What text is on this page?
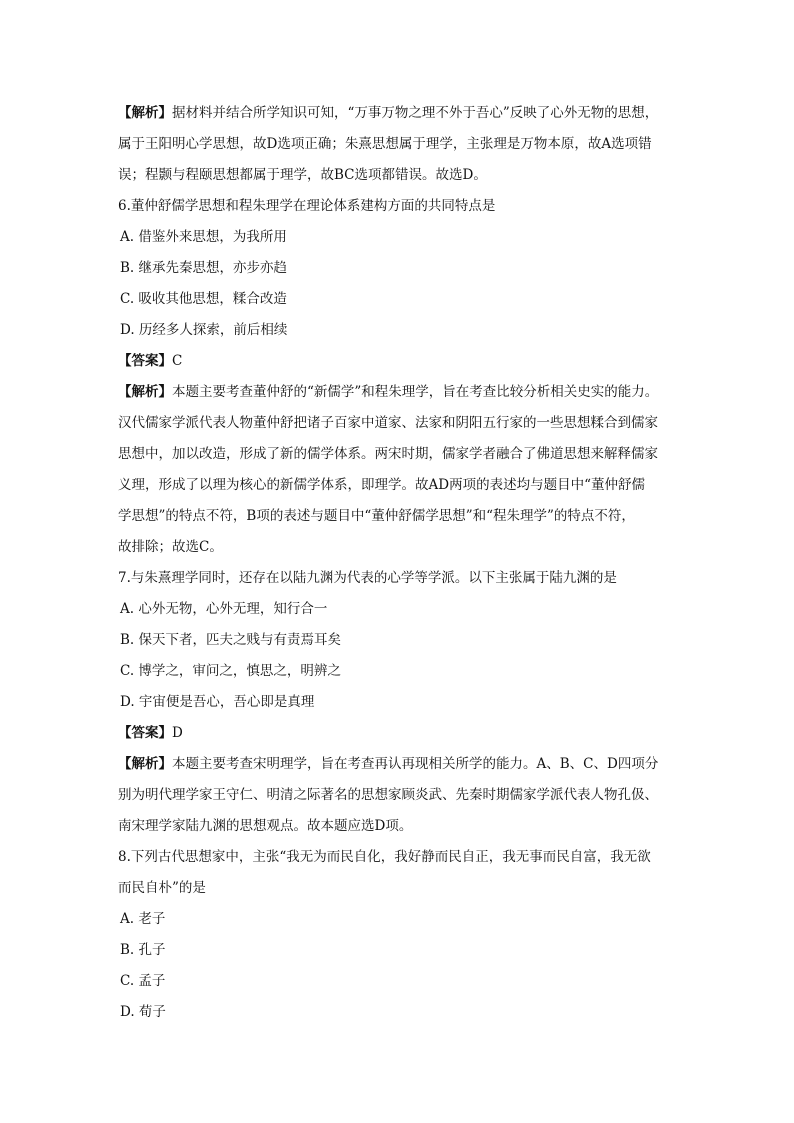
【解析】据材料并结合所学知识可知，“万事万物之理不外于吾心”反映了心外无物的思想，
属于王阳明心学思想，故D选项正确；朱熹思想属于理学，主张理是万物本原，故A选项错
误；程颢与程颐思想都属于理学，故BC选项都错误。故选D。
6.董仲舒儒学思想和程朱理学在理论体系建构方面的共同特点是
A. 借鉴外来思想，为我所用
B. 继承先秦思想，亦步亦趋
C. 吸收其他思想，糅合改造
D. 历经多人探索，前后相续
【答案】C
【解析】本题主要考查董仲舒的“新儒学”和程朱理学，旨在考查比较分析相关史实的能力。
汉代儒家学派代表人物董仲舒把诸子百家中道家、法家和阴阳五行家的一些思想糅合到儒家
思想中，加以改造，形成了新的儒学体系。两宋时期，儒家学者融合了佛道思想来解释儒家
义理，形成了以理为核心的新儒学体系，即理学。故AD两项的表述均与题目中“董仲舒儒
学思想”的特点不符，B项的表述与题目中“董仲舒儒学思想”和“程朱理学”的特点不符，
故排除；故选C。
7.与朱熹理学同时，还存在以陆九渊为代表的心学等学派。以下主张属于陆九渊的是
A. 心外无物，心外无理，知行合一
B. 保天下者，匹夫之贱与有责焉耳矣
C. 博学之，审问之，慎思之，明辨之
D. 宇宙便是吾心，吾心即是真理
【答案】D
【解析】本题主要考查宋明理学，旨在考查再认再现相关所学的能力。A、B、C、D四项分
别为明代理学家王守仁、明清之际著名的思想家顾炎武、先秦时期儒家学派代表人物孔伋、
南宋理学家陆九渊的思想观点。故本题应选D项。
8.下列古代思想家中，主张“我无为而民自化，我好静而民自正，我无事而民自富，我无欲
而民自朴”的是
A. 老子
B. 孔子
C. 孟子
D. 荀子
